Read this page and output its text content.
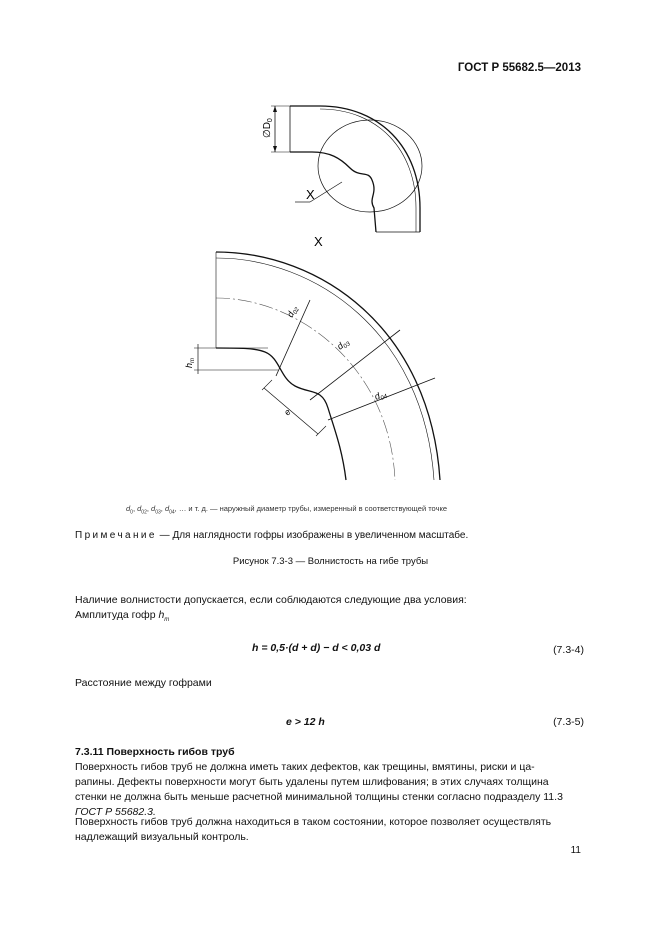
ГОСТ Р 55682.5—2013
$\emptyset D_0$
X
X
$h_m$
$d_{02}$
$d_{03}$
$d_{04}$
e
$d_0$, $d_{02}$, $d_{03}$, $d_{04}$, … и т. д. — наружный диаметр трубы, измеренный в соответствующей точке
Примечание — Для наглядности гофры изображены в увеличенном масштабе.
Рисунок 7.3-3 — Волнистость на гибе трубы
Наличие волнистости допускается, если соблюдаются следующие два условия:
Амплитуда гофр $h_m$
h = 0,5·(d + d) − d < 0,03 d	(7.3-4)
Расстояние между гофрами
e > 12 h	(7.3-5)
7.3.11 Поверхность гибов труб
Поверхность гибов труб не должна иметь таких дефектов, как трещины, вмятины, риски и ца-
рапины. Дефекты поверхности могут быть удалены путем шлифования; в этих случаях толщина
стенки не должна быть меньше расчетной минимальной толщины стенки согласно подразделу 11.3
ГОСТ Р 55682.3.
Поверхность гибов труб должна находиться в таком состоянии, которое позволяет осуществлять
надлежащий визуальный контроль.
11
